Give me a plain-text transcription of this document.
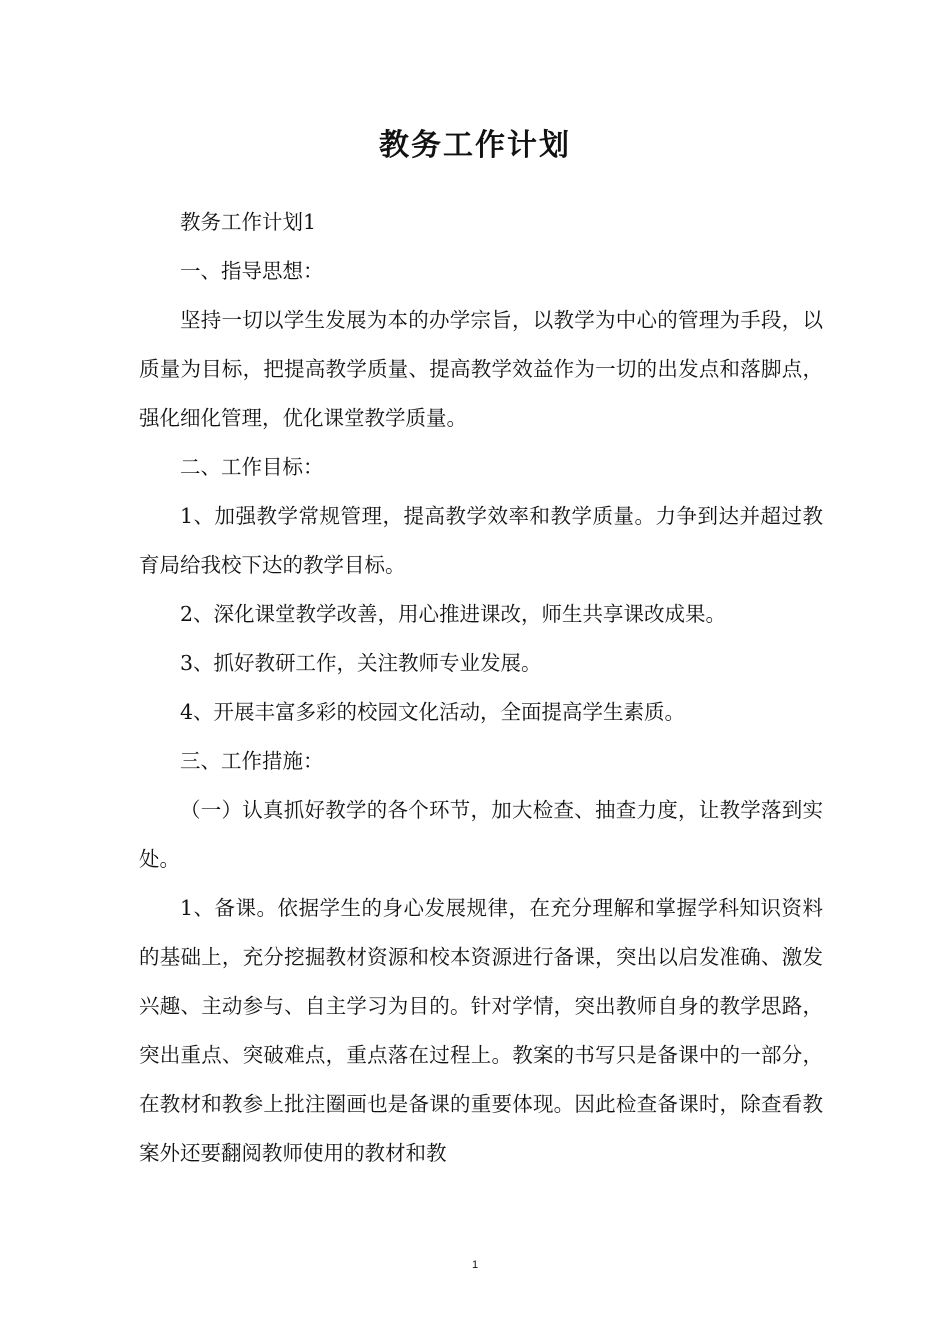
教务工作计划

教务工作计划1

一、指导思想：

坚持一切以学生发展为本的办学宗旨，以教学为中心的管理为手段，以质量为目标，把提高教学质量、提高教学效益作为一切的出发点和落脚点，强化细化管理，优化课堂教学质量。

二、工作目标：

1、加强教学常规管理，提高教学效率和教学质量。力争到达并超过教育局给我校下达的教学目标。

2、深化课堂教学改善，用心推进课改，师生共享课改成果。

3、抓好教研工作，关注教师专业发展。

4、开展丰富多彩的校园文化活动，全面提高学生素质。

三、工作措施：

（一）认真抓好教学的各个环节，加大检查、抽查力度，让教学落到实处。

1、备课。依据学生的身心发展规律，在充分理解和掌握学科知识资料的基础上，充分挖掘教材资源和校本资源进行备课，突出以启发准确、激发兴趣、主动参与、自主学习为目的。针对学情，突出教师自身的教学思路，突出重点、突破难点，重点落在过程上。教案的书写只是备课中的一部分，在教材和教参上批注圈画也是备课的重要体现。因此检查备课时，除查看教案外还要翻阅教师使用的教材和教

1
